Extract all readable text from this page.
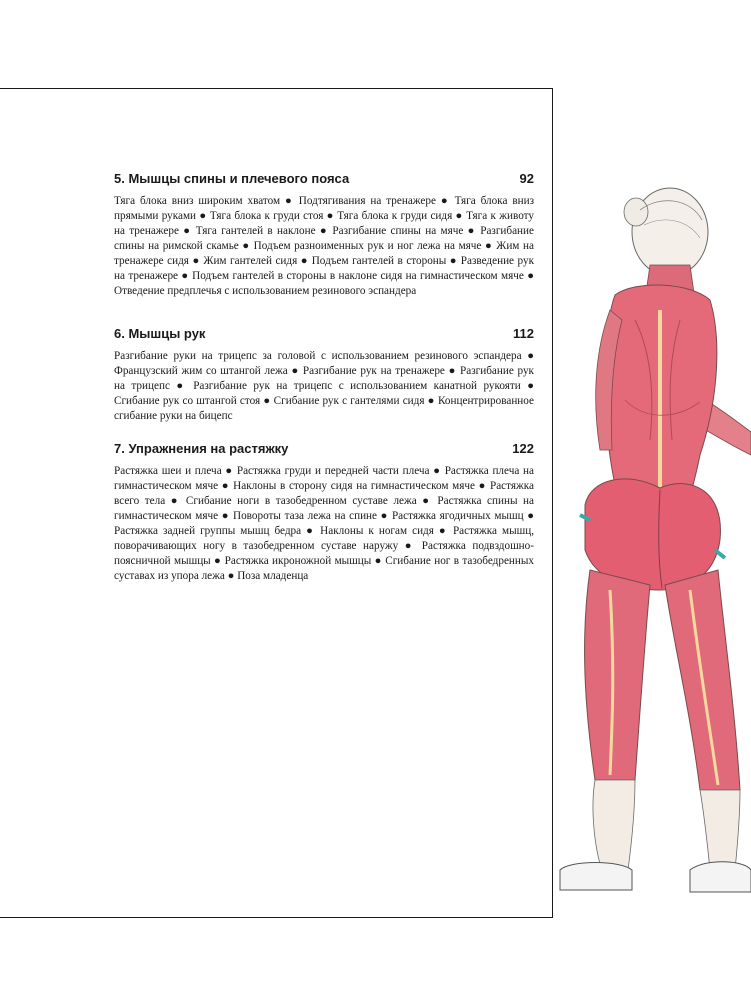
5. Мышцы спины и плечевого пояса	92
Тяга блока вниз широким хватом ● Подтягивания на тренажере ● Тяга блока вниз прямыми руками ● Тяга блока к груди стоя ● Тяга блока к груди сидя ● Тяга к животу на тренажере ● Тяга гантелей в наклоне ● Разгибание спины на мяче ● Разгибание спины на римской скамье ● Подъем разноименных рук и ног лежа на мяче ● Жим на тренажере сидя ● Жим гантелей сидя ● Подъем гантелей в стороны ● Разведение рук на тренажере ● Подъем гантелей в стороны в наклоне сидя на гимнастическом мяче ● Отведение предплечья с использованием резинового эспандера
6. Мышцы рук	112
Разгибание руки на трицепс за головой с использованием резинового эспандера ● Французский жим со штангой лежа ● Разгибание рук на тренажере ● Разгибание рук на трицепс ● Разгибание рук на трицепс с использованием канатной рукояти ● Сгибание рук со штангой стоя ● Сгибание рук с гантелями сидя ● Концентрированное сгибание руки на бицепс
7. Упражнения на растяжку	122
Растяжка шеи и плеча ● Растяжка груди и передней части плеча ● Растяжка плеча на гимнастическом мяче ● Наклоны в сторону сидя на гимнастическом мяче ● Растяжка всего тела ● Сгибание ноги в тазобедренном суставе лежа ● Растяжка спины на гимнастическом мяче ● Повороты таза лежа на спине ● Растяжка ягодичных мышц ● Растяжка задней группы мышц бедра ● Наклоны к ногам сидя ● Растяжка мышц, поворачивающих ногу в тазобедренном суставе наружу ● Растяжка подвздошно-поясничной мышцы ● Растяжка икроножной мышцы ● Сгибание ног в тазобедренных суставах из упора лежа ● Поза младенца
